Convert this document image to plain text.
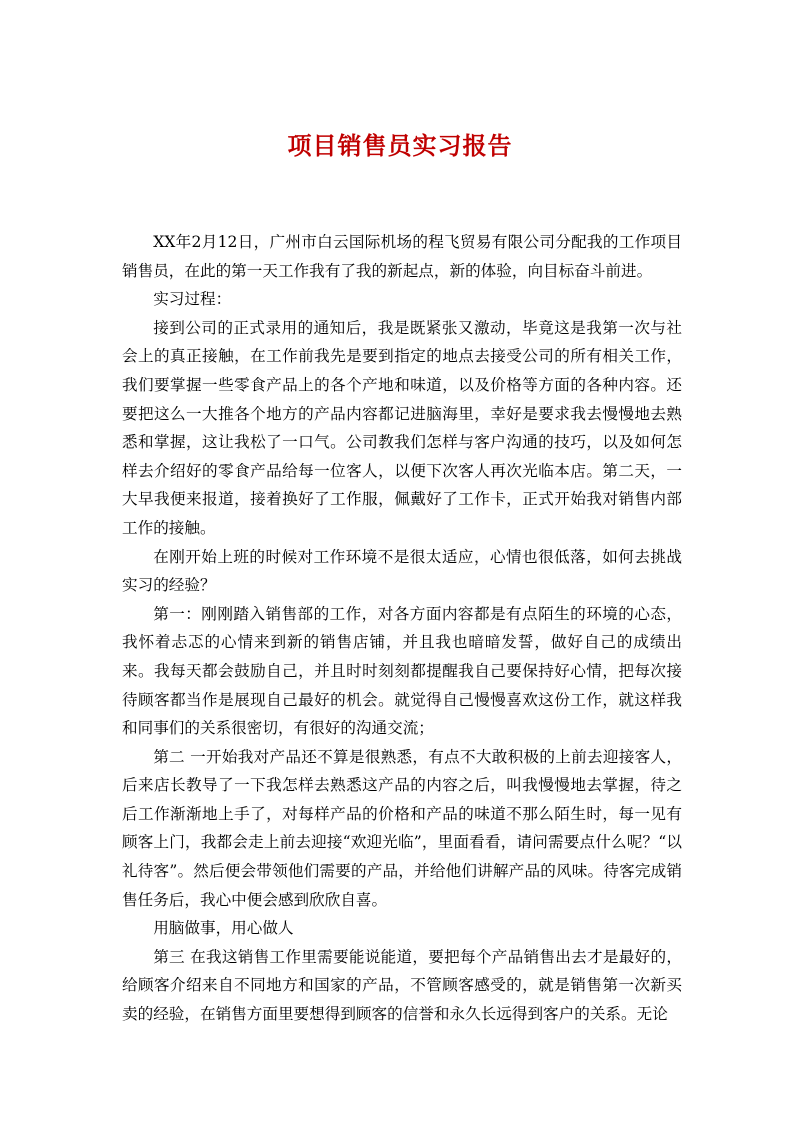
项目销售员实习报告

XX年2月12日，广州市白云国际机场的程飞贸易有限公司分配我的工作项目销售员，在此的第一天工作我有了我的新起点，新的体验，向目标奋斗前进。

实习过程：

接到公司的正式录用的通知后，我是既紧张又激动，毕竟这是我第一次与社会上的真正接触，在工作前我先是要到指定的地点去接受公司的所有相关工作，我们要掌握一些零食产品上的各个产地和味道，以及价格等方面的各种内容。还要把这么一大推各个地方的产品内容都记进脑海里，幸好是要求我去慢慢地去熟悉和掌握，这让我松了一口气。公司教我们怎样与客户沟通的技巧，以及如何怎样去介绍好的零食产品给每一位客人，以便下次客人再次光临本店。第二天，一大早我便来报道，接着换好了工作服，佩戴好了工作卡，正式开始我对销售内部工作的接触。

在刚开始上班的时候对工作环境不是很太适应，心情也很低落，如何去挑战实习的经验？

第一：刚刚踏入销售部的工作，对各方面内容都是有点陌生的环境的心态，我怀着忐忑的心情来到新的销售店铺，并且我也暗暗发誓，做好自己的成绩出来。我每天都会鼓励自己，并且时时刻刻都提醒我自己要保持好心情，把每次接待顾客都当作是展现自己最好的机会。就觉得自己慢慢喜欢这份工作，就这样我和同事们的关系很密切，有很好的沟通交流；

第二 一开始我对产品还不算是很熟悉，有点不大敢积极的上前去迎接客人，后来店长教导了一下我怎样去熟悉这产品的内容之后，叫我慢慢地去掌握，待之后工作渐渐地上手了，对每样产品的价格和产品的味道不那么陌生时，每一见有顾客上门，我都会走上前去迎接“欢迎光临”，里面看看，请问需要点什么呢？“以礼待客”。然后便会带领他们需要的产品，并给他们讲解产品的风味。待客完成销售任务后，我心中便会感到欣欣自喜。

用脑做事，用心做人

第三 在我这销售工作里需要能说能道，要把每个产品销售出去才是最好的，给顾客介绍来自不同地方和国家的产品，不管顾客感受的，就是销售第一次新买卖的经验，在销售方面里要想得到顾客的信誉和永久长远得到客户的关系。无论
